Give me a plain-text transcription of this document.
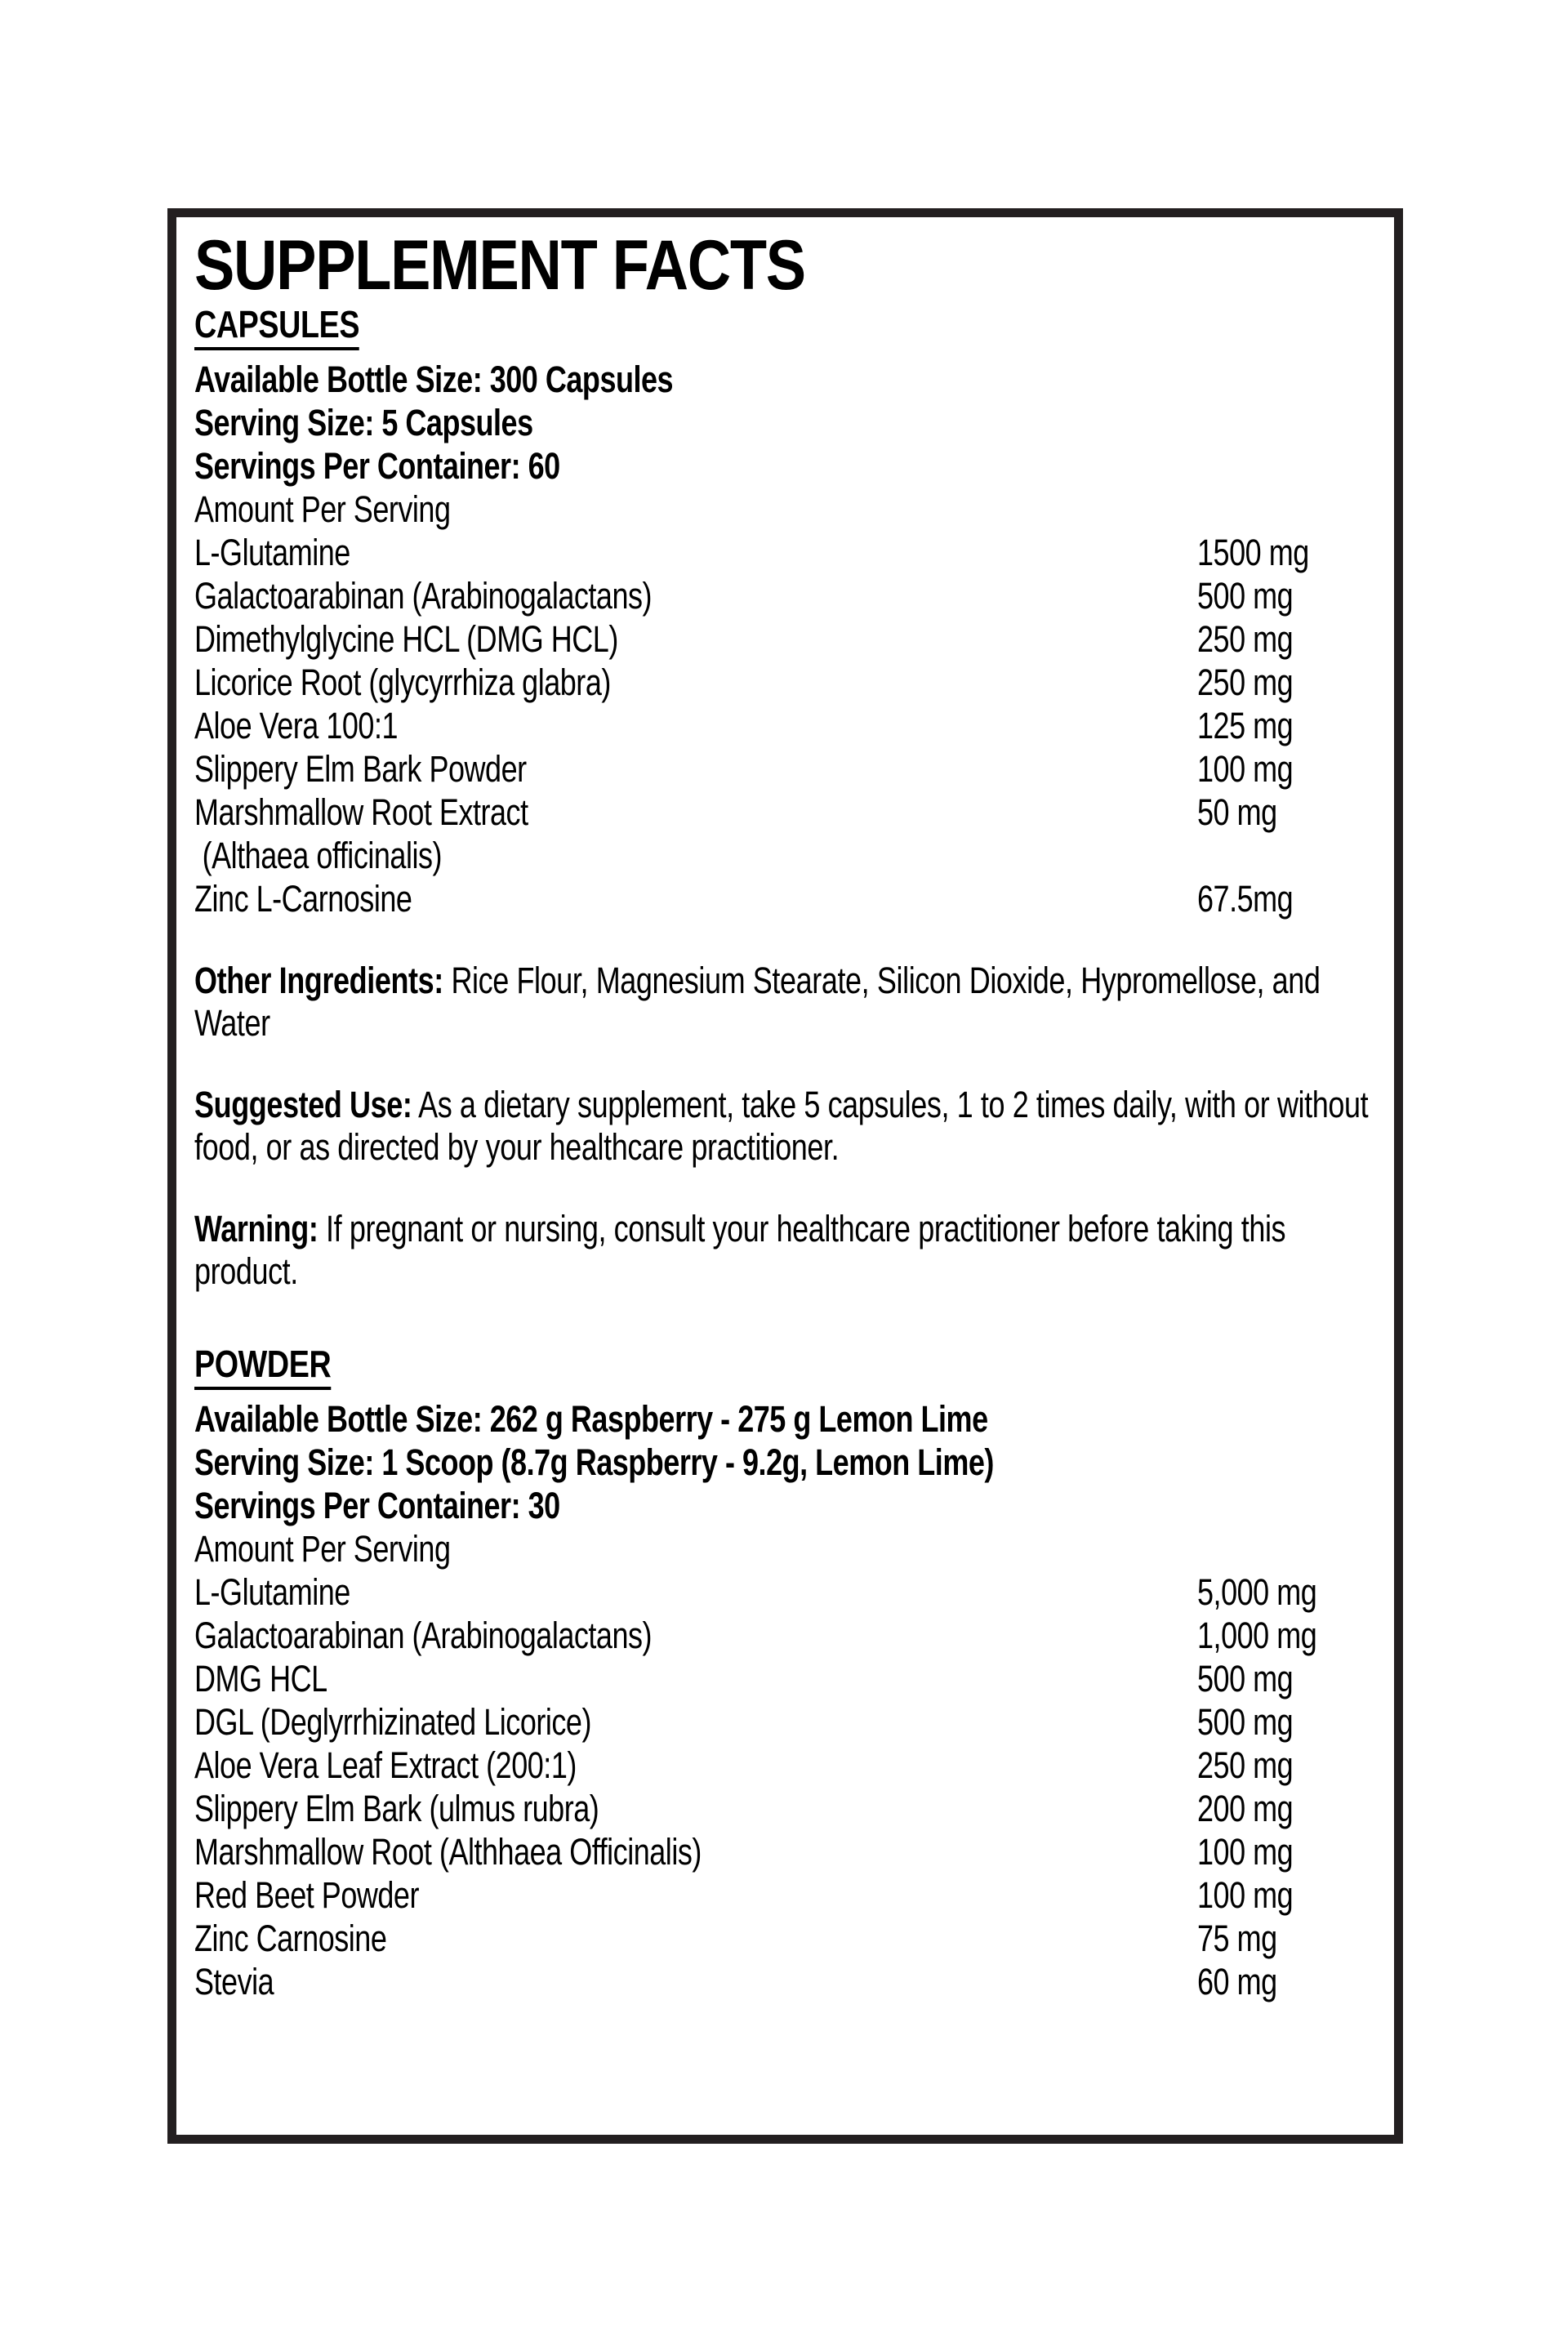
SUPPLEMENT FACTS
CAPSULES
Available Bottle Size: 300 Capsules
Serving Size: 5 Capsules
Servings Per Container: 60
Amount Per Serving
L-Glutamine	1500 mg
Galactoarabinan (Arabinogalactans)	500 mg
Dimethylglycine HCL (DMG HCL)	250 mg
Licorice Root (glycyrrhiza glabra)	250 mg
Aloe Vera 100:1	125 mg
Slippery Elm Bark Powder	100 mg
Marshmallow Root Extract	50 mg
(Althaea officinalis)
Zinc L-Carnosine	67.5mg
Other Ingredients: Rice Flour, Magnesium Stearate, Silicon Dioxide, Hypromellose, and Water
Suggested Use: As a dietary supplement, take 5 capsules, 1 to 2 times daily, with or without food, or as directed by your healthcare practitioner.
Warning: If pregnant or nursing, consult your healthcare practitioner before taking this product.
POWDER
Available Bottle Size: 262 g Raspberry - 275 g Lemon Lime
Serving Size: 1 Scoop (8.7g Raspberry - 9.2g, Lemon Lime)
Servings Per Container: 30
Amount Per Serving
L-Glutamine	5,000 mg
Galactoarabinan (Arabinogalactans)	1,000 mg
DMG HCL	500 mg
DGL (Deglyrrhizinated Licorice)	500 mg
Aloe Vera Leaf Extract (200:1)	250 mg
Slippery Elm Bark (ulmus rubra)	200 mg
Marshmallow Root (Althhaea Officinalis)	100 mg
Red Beet Powder	100 mg
Zinc Carnosine	75 mg
Stevia	60 mg
